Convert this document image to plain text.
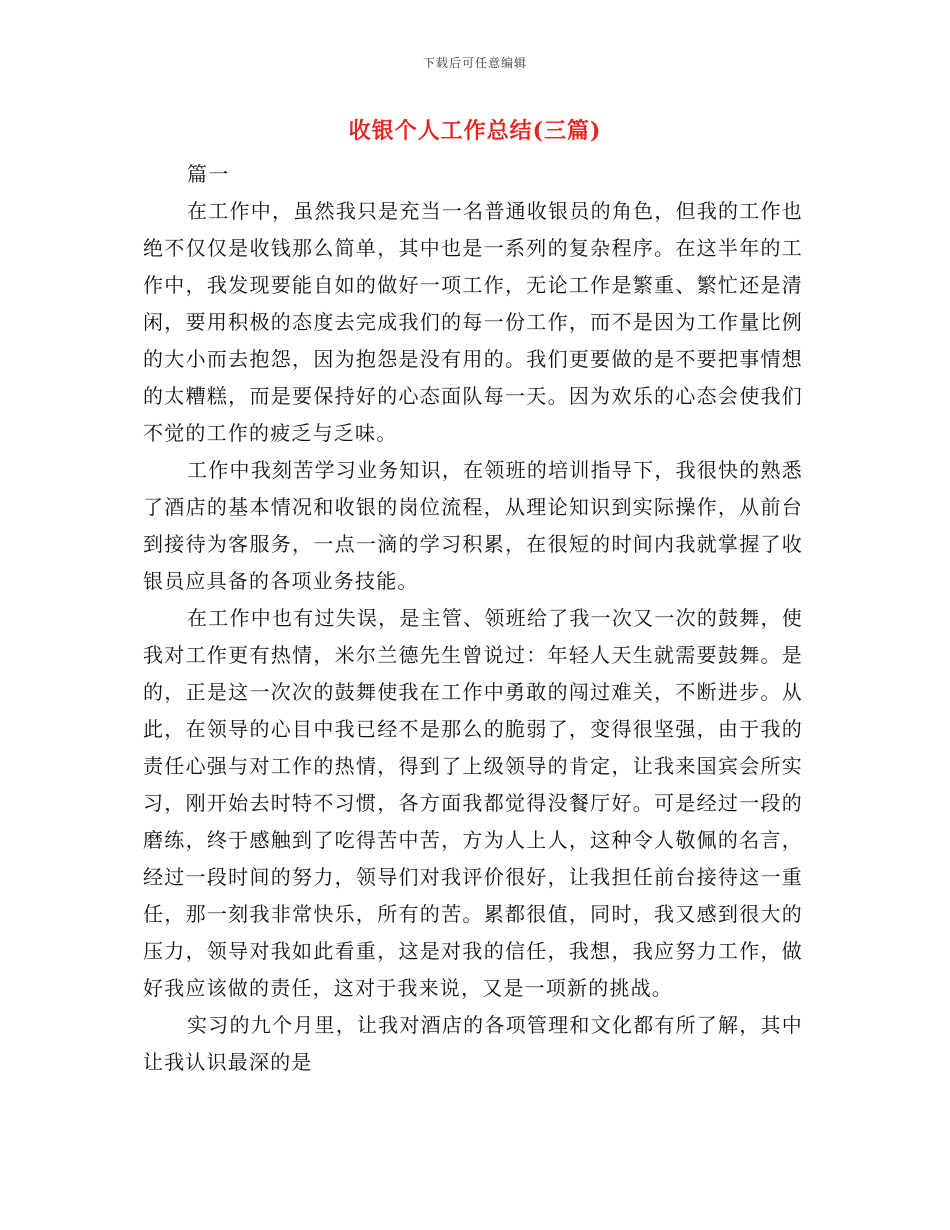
下载后可任意编辑
收银个人工作总结(三篇)

篇一

在工作中，虽然我只是充当一名普通收银员的角色，但我的工作也绝不仅仅是收钱那么简单，其中也是一系列的复杂程序。在这半年的工作中，我发现要能自如的做好一项工作，无论工作是繁重、繁忙还是清闲，要用积极的态度去完成我们的每一份工作，而不是因为工作量比例的大小而去抱怨，因为抱怨是没有用的。我们更要做的是不要把事情想的太糟糕，而是要保持好的心态面队每一天。因为欢乐的心态会使我们不觉的工作的疲乏与乏味。

工作中我刻苦学习业务知识，在领班的培训指导下，我很快的熟悉了酒店的基本情况和收银的岗位流程，从理论知识到实际操作，从前台到接待为客服务，一点一滴的学习积累，在很短的时间内我就掌握了收银员应具备的各项业务技能。

在工作中也有过失误，是主管、领班给了我一次又一次的鼓舞，使我对工作更有热情，米尔兰德先生曾说过：年轻人天生就需要鼓舞。是的，正是这一次次的鼓舞使我在工作中勇敢的闯过难关，不断进步。从此，在领导的心目中我已经不是那么的脆弱了，变得很坚强，由于我的责任心强与对工作的热情，得到了上级领导的肯定，让我来国宾会所实习，刚开始去时特不习惯，各方面我都觉得没餐厅好。可是经过一段的磨练，终于感触到了吃得苦中苦，方为人上人，这种令人敬佩的名言，经过一段时间的努力，领导们对我评价很好，让我担任前台接待这一重任，那一刻我非常快乐，所有的苦。累都很值，同时，我又感到很大的压力，领导对我如此看重，这是对我的信任，我想，我应努力工作，做好我应该做的责任，这对于我来说，又是一项新的挑战。

实习的九个月里，让我对酒店的各项管理和文化都有所了解，其中让我认识最深的是
